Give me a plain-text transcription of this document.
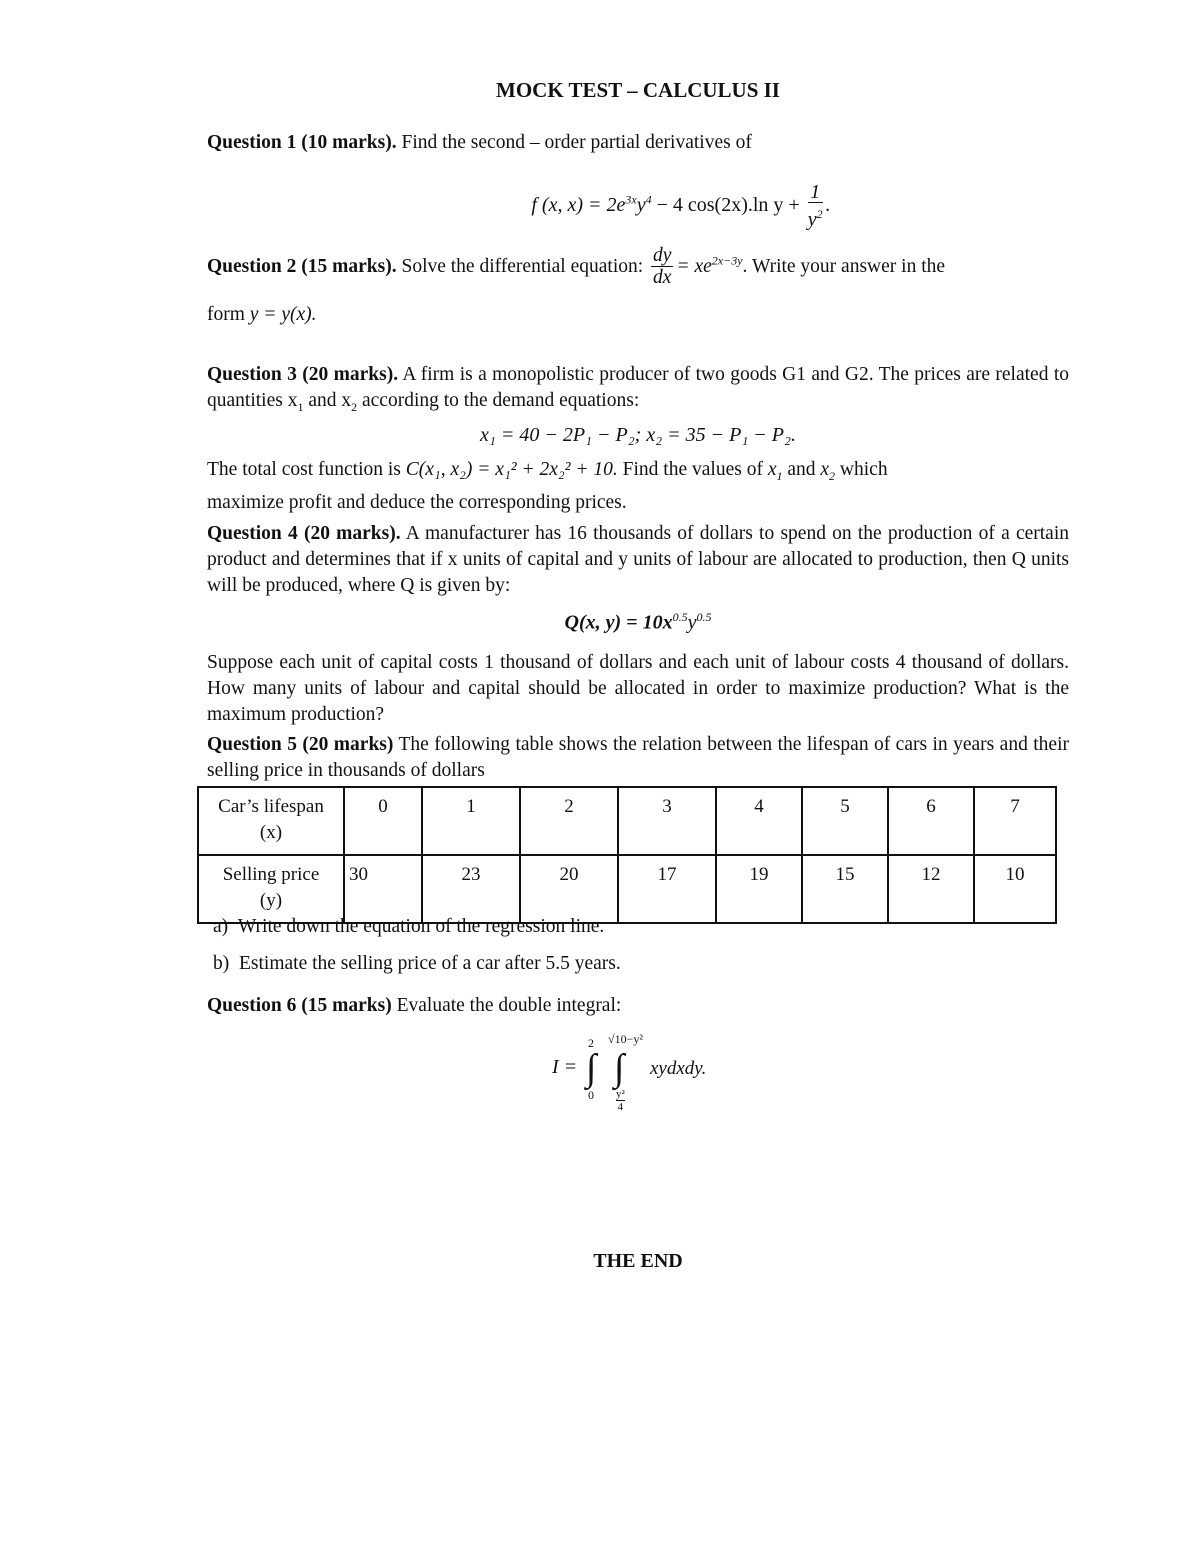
MOCK TEST – CALCULUS II
Question 1 (10 marks). Find the second – order partial derivatives of
f (x, $x) = 2e^{3x}y^4 - 4$ cos(2x).ln $y + \frac{1}{y^2}$ .
Question 2 (15 marks). Solve the differential equation: $\frac{dy}{dx} = xe^{2x-3y}$. Write your answer in the
form y = y(x).
Question 3 (20 marks). A firm is a monopolistic producer of two goods G1 and G2. The prices are related to quantities $x_1$ and $x_2$ according to the demand equations:
x₁ = 40 − 2P₁ − P₂; x₂ = 35 − P₁ − P₂.
The total cost function is C(x₁, x₂) = x₁² + 2x₂² + 10. Find the values of $x_1$ and $x_2$ which
maximize profit and deduce the corresponding prices.
Question 4 (20 marks). A manufacturer has 16 thousands of dollars to spend on the production of a certain product and determines that if x units of capital and y units of labour are allocated to production, then Q units will be produced, where Q is given by:
Q(x, $y) = 10x^{0.5}y^{0.5}$
Suppose each unit of capital costs 1 thousand of dollars and each unit of labour costs 4 thousand of dollars. How many units of labour and capital should be allocated in order to maximize production? What is the maximum production?
Question 5 (20 marks) The following table shows the relation between the lifespan of cars in years and their selling price in thousands of dollars
Car’s lifespan
(x)	0	1	2	3	4	5	6	7
Selling price
(y)	30	23	20	17	19	15	12	10
a) Write down the equation of the regression line.
b) Estimate the selling price of a car after 5.5 years.
Question 6 (15 marks) Evaluate the double integral:
I =
2
∫
0
√10−y²
∫
y²
4
xydxdy.
THE END
